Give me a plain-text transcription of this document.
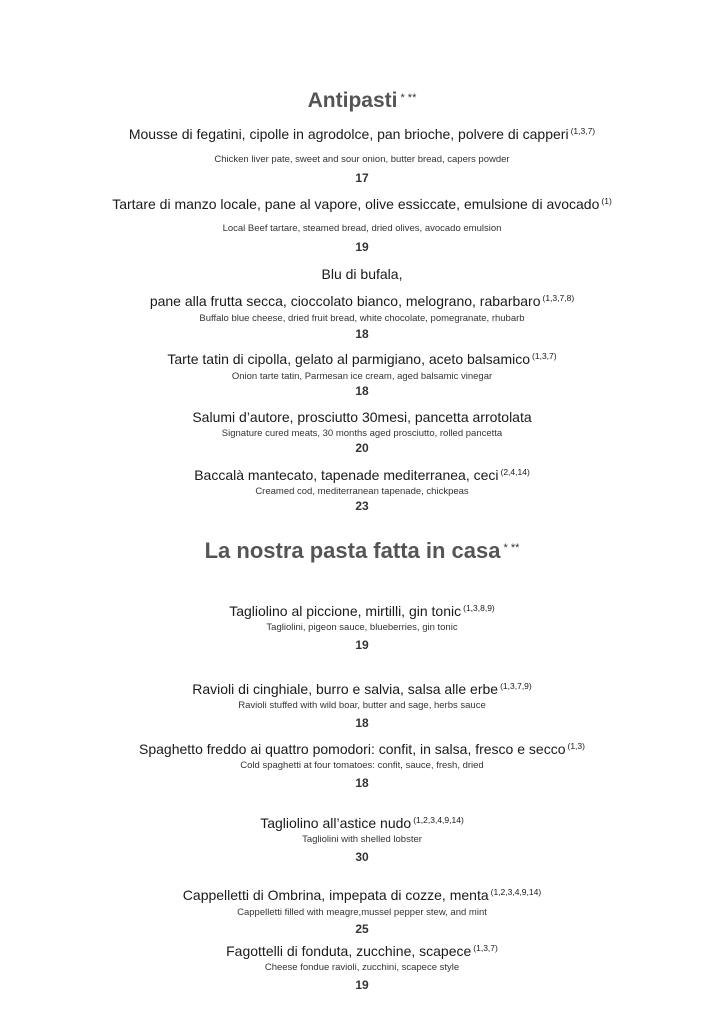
Antipasti * **
Mousse di fegatini, cipolle in agrodolce, pan brioche, polvere di capperi $^{(1,3,7)}$
Chicken liver pate, sweet and sour onion, butter bread, capers powder
17
Tartare di manzo locale, pane al vapore, olive essiccate, emulsione di avocado $^{(1)}$
Local Beef tartare, steamed bread, dried olives, avocado emulsion
19
Blu di bufala,
pane alla frutta secca, cioccolato bianco, melograno, rabarbaro $^{(1,3,7,8)}$
Buffalo blue cheese, dried fruit bread, white chocolate, pomegranate, rhubarb
18
Tarte tatin di cipolla, gelato al parmigiano, aceto balsamico $^{(1,3,7)}$
Onion tarte tatin, Parmesan ice cream, aged balsamic vinegar
18
Salumi d’autore, prosciutto 30mesi, pancetta arrotolata
Signature cured meats, 30 months aged prosciutto, rolled pancetta
20
Baccalà mantecato, tapenade mediterranea, ceci $^{(2,4,14)}$
Creamed cod, mediterranean tapenade, chickpeas
23
La nostra pasta fatta in casa * **
Tagliolino al piccione, mirtilli, gin tonic $^{(1,3,8,9)}$
Tagliolini, pigeon sauce, blueberries, gin tonic
19
Ravioli di cinghiale, burro e salvia, salsa alle erbe $^{(1,3,7,9)}$
Ravioli stuffed with wild boar, butter and sage, herbs sauce
18
Spaghetto freddo ai quattro pomodori: confit, in salsa, fresco e secco $^{(1,3)}$
Cold spaghetti at four tomatoes: confit, sauce, fresh, dried
18
Tagliolino all’astice nudo $^{(1,2,3,4,9,14)}$
Tagliolini with shelled lobster
30
Cappelletti di Ombrina, impepata di cozze, menta $^{(1,2,3,4,9,14)}$
Cappelletti filled with meagre,mussel pepper stew, and mint
25
Fagottelli di fonduta, zucchine, scapece $^{(1,3,7)}$
Cheese fondue ravioli, zucchini, scapece style
19
